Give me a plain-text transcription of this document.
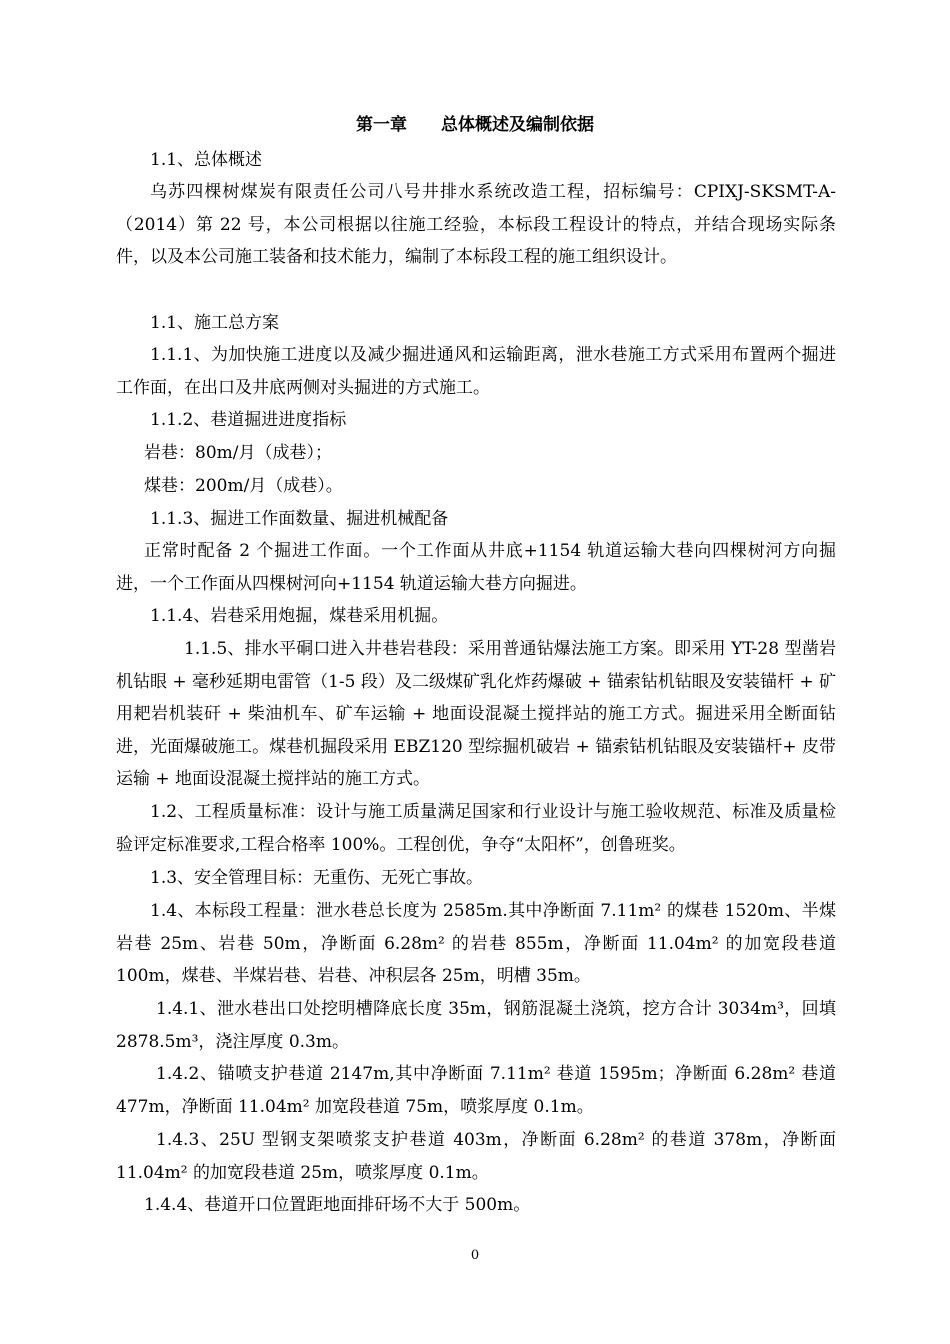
第一章 总体概述及编制依据

1.1、总体概述

乌苏四棵树煤炭有限责任公司八号井排水系统改造工程，招标编号：CPIXJ-SKSMT-A-（2014）第 22 号，本公司根据以往施工经验，本标段工程设计的特点，并结合现场实际条件，以及本公司施工装备和技术能力，编制了本标段工程的施工组织设计。

1.1、施工总方案

1.1.1、为加快施工进度以及减少掘进通风和运输距离，泄水巷施工方式采用布置两个掘进工作面，在出口及井底两侧对头掘进的方式施工。

1.1.2、巷道掘进进度指标

岩巷：80m/月（成巷）；

煤巷：200m/月（成巷）。

1.1.3、掘进工作面数量、掘进机械配备

正常时配备 2 个掘进工作面。一个工作面从井底+1154 轨道运输大巷向四棵树河方向掘进，一个工作面从四棵树河向+1154 轨道运输大巷方向掘进。

1.1.4、岩巷采用炮掘，煤巷采用机掘。

1.1.5、排水平硐口进入井巷岩巷段：采用普通钻爆法施工方案。即采用 YT-28 型凿岩机钻眼 + 毫秒延期电雷管（1-5 段）及二级煤矿乳化炸药爆破 + 锚索钻机钻眼及安装锚杆 + 矿用耙岩机装矸 + 柴油机车、矿车运输 + 地面设混凝土搅拌站的施工方式。掘进采用全断面钻进，光面爆破施工。煤巷机掘段采用 EBZ120 型综掘机破岩 + 锚索钻机钻眼及安装锚杆+ 皮带运输 + 地面设混凝土搅拌站的施工方式。

1.2、工程质量标准：设计与施工质量满足国家和行业设计与施工验收规范、标准及质量检验评定标准要求,工程合格率 100%。工程创优，争夺“太阳杯”，创鲁班奖。

1.3、安全管理目标：无重伤、无死亡事故。

1.4、本标段工程量：泄水巷总长度为 2585m.其中净断面 7.11m² 的煤巷 1520m、半煤岩巷 25m、岩巷 50m，净断面 6.28m² 的岩巷 855m，净断面 11.04m² 的加宽段巷道 100m，煤巷、半煤岩巷、岩巷、冲积层各 25m，明槽 35m。

1.4.1、泄水巷出口处挖明槽降底长度 35m，钢筋混凝土浇筑，挖方合计 3034m³，回填 2878.5m³，浇注厚度 0.3m。

1.4.2、锚喷支护巷道 2147m,其中净断面 7.11m² 巷道 1595m；净断面 6.28m² 巷道 477m，净断面 11.04m² 加宽段巷道 75m，喷浆厚度 0.1m。

1.4.3、25U 型钢支架喷浆支护巷道 403m，净断面 6.28m² 的巷道 378m，净断面 11.04m² 的加宽段巷道 25m，喷浆厚度 0.1m。

1.4.4、巷道开口位置距地面排矸场不大于 500m。

0
